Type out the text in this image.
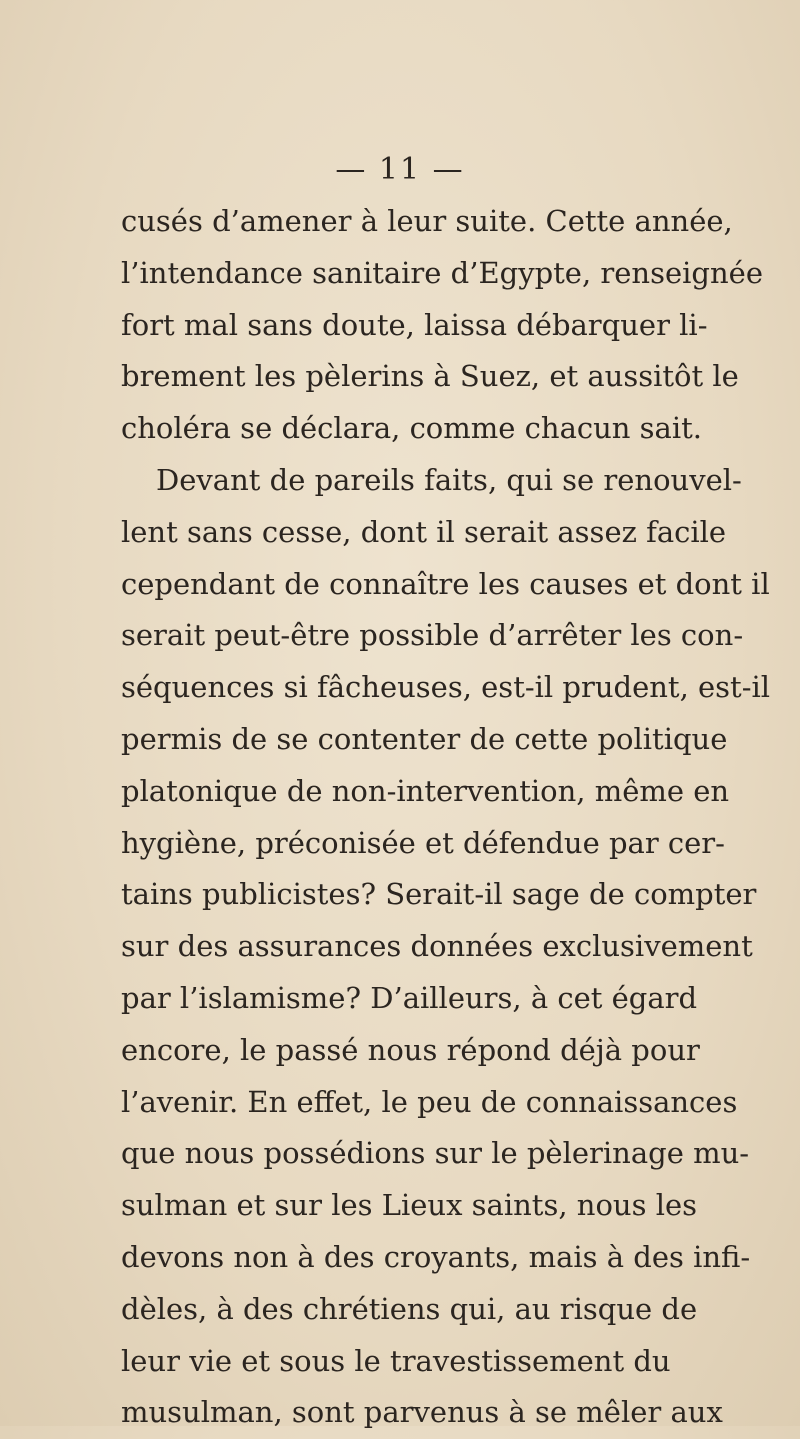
— 11 —
cusés d’amener à leur suite. Cette année,
l’intendance sanitaire d’Egypte, renseignée
fort mal sans doute, laissa débarquer li-
brement les pèlerins à Suez, et aussitôt le
choléra se déclara, comme chacun sait.
Devant de pareils faits, qui se renouvel-
lent sans cesse, dont il serait assez facile
cependant de connaître les causes et dont il
serait peut-être possible d’arrêter les con-
séquences si fâcheuses, est-il prudent, est-il
permis de se contenter de cette politique
platonique de non-intervention, même en
hygiène, préconisée et défendue par cer-
tains publicistes? Serait-il sage de compter
sur des assurances données exclusivement
par l’islamisme? D’ailleurs, à cet égard
encore, le passé nous répond déjà pour
l’avenir. En effet, le peu de connaissances
que nous possédions sur le pèlerinage mu-
sulman et sur les Lieux saints, nous les
devons non à des croyants, mais à des infi-
dèles, à des chrétiens qui, au risque de
leur vie et sous le travestissement du
musulman, sont parvenus à se mêler aux
